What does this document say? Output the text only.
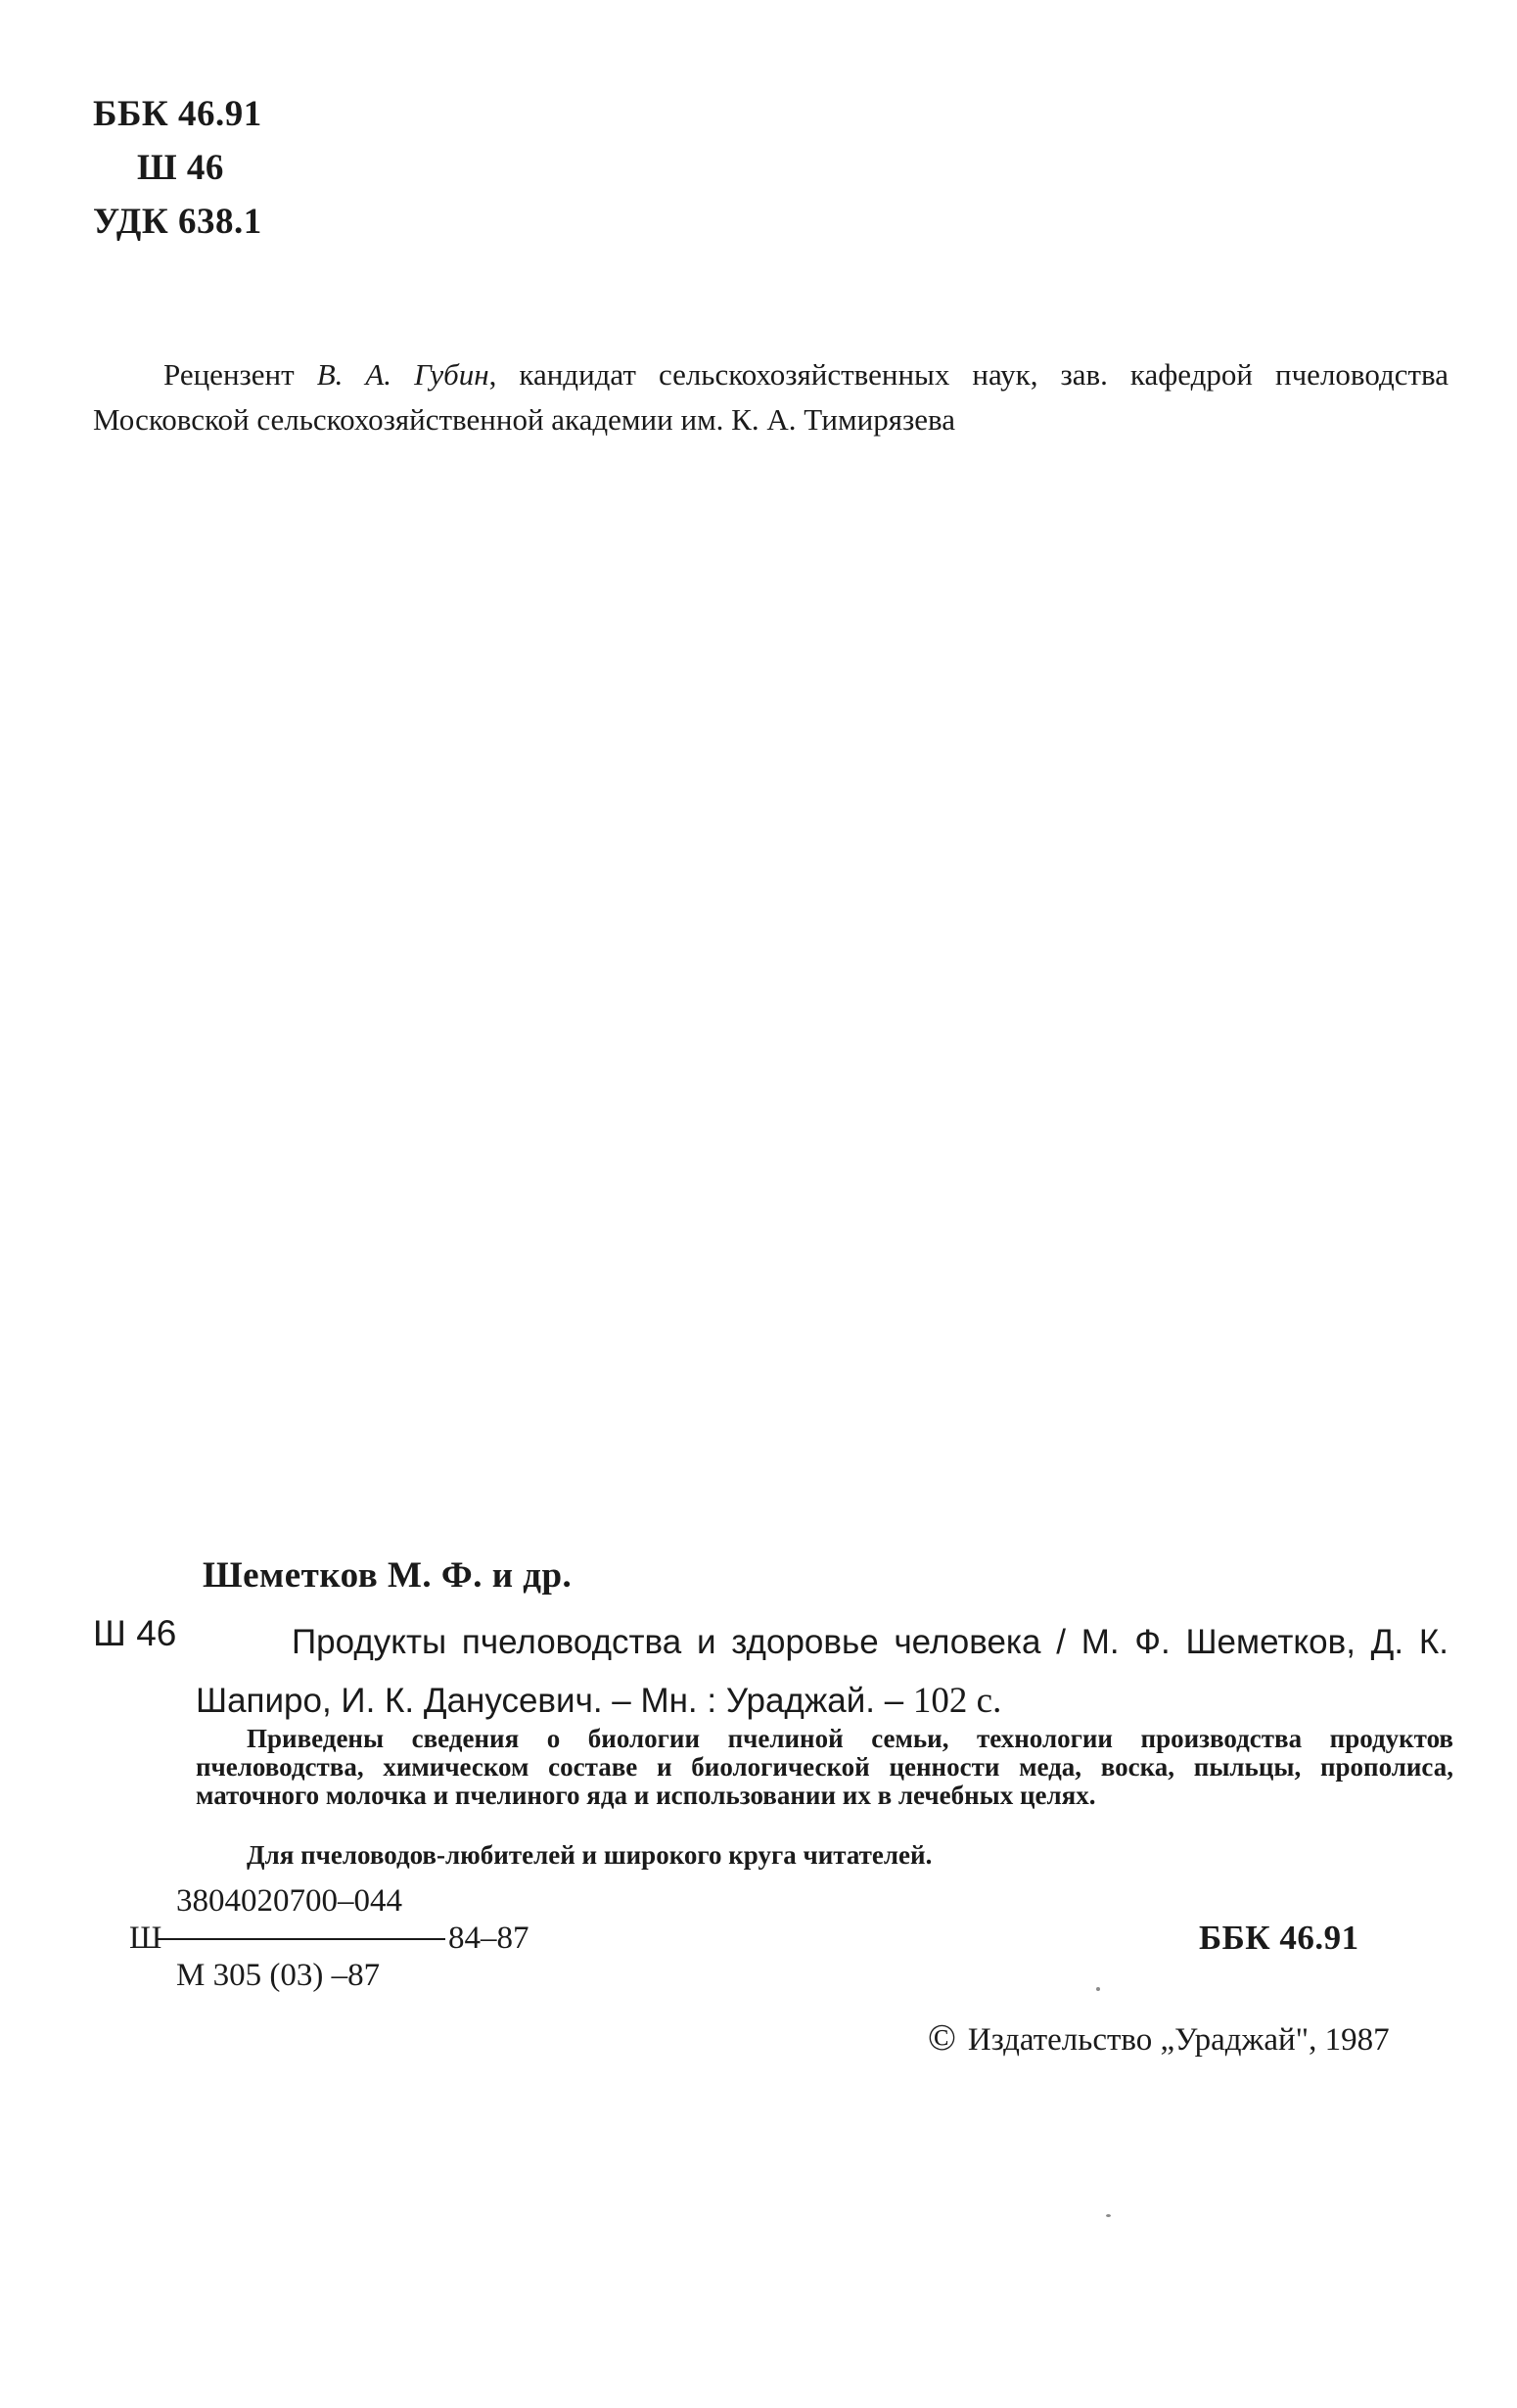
ББК 46.91
Ш 46
УДК 638.1
Рецензент В. А. Губин, кандидат сельскохозяйственных наук, зав. кафедрой пчеловодства Московской сельскохозяйственной академии им. К. А. Тимирязева
Шеметков М. Ф. и др.
Ш 46	Продукты пчеловодства и здоровье человека / М. Ф. Шеметков, Д. К. Шапиро, И. К. Данусевич. – Мн. : Ураджай. – 102 с.
Приведены сведения о биологии пчелиной семьи, технологии производства продуктов пчеловодства, химическом составе и биологической ценности меда, воска, пыльцы, прополиса, маточного молочка и пчелиного яда и использовании их в лечебных целях.
Для пчеловодов-любителей и широкого круга читателей.
3804020700–044
Ш	84–87
М 305 (03) –87
ББК 46.91
© Издательство „Ураджай", 1987
